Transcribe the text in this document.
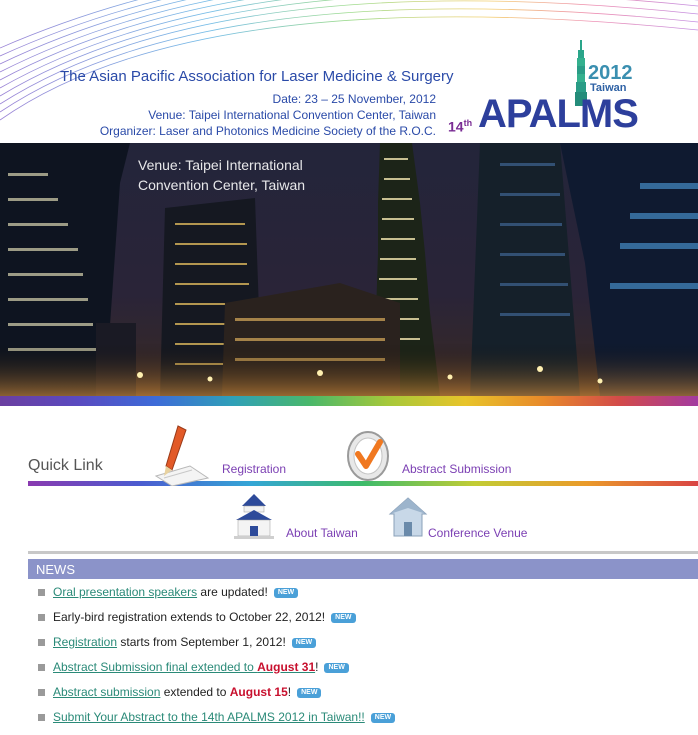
The Asian Pacific Association for Laser Medicine & Surgery
Date: 23 – 25 November, 2012
Venue: Taipei International Convention Center, Taiwan
Organizer: Laser and Photonics Medicine Society of the R.O.C.
2012
Taiwan
14th APALMS
Venue: Taipei International
Convention Center, Taiwan
Quick Link	Registration	Abstract Submission
About Taiwan	Conference Venue
NEWS
Oral presentation speakers are updated! NEW
Early-bird registration extends to October 22, 2012! NEW
Registration starts from September 1, 2012! NEW
Abstract Submission final extended to August 31! NEW
Abstract submission extended to August 15! NEW
Submit Your Abstract to the 14th APALMS 2012 in Taiwan!! NEW
